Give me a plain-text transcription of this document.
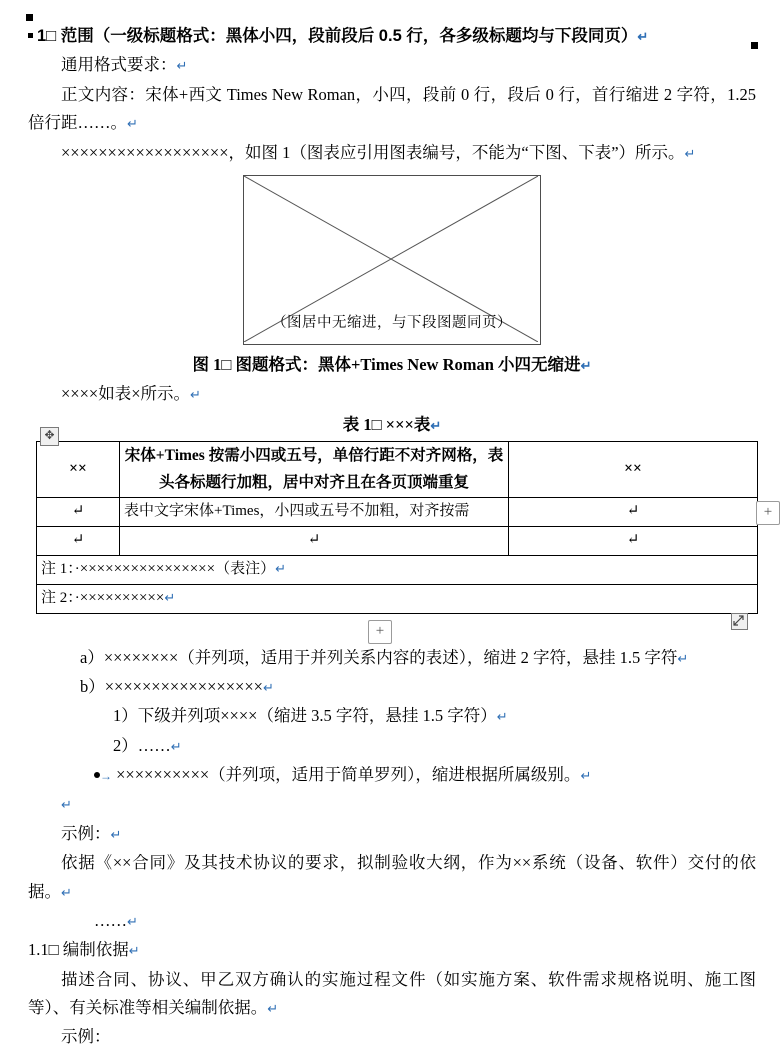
1□ 范围（一级标题格式：黑体小四，段前段后 0.5 行，各多级标题均与下段同页）↵

通用格式要求：↵

正文内容：宋体+西文 Times New Roman，小四，段前 0 行，段后 0 行，首行缩进 2 字符，1.25 倍行距……。↵

××××××××××××××××××，如图 1（图表应引用图表编号，不能为“下图、下表”）所示。↵

（图居中无缩进，与下段图题同页）

图 1□ 图题格式：黑体+Times New Roman 小四无缩进↵

××××如表×所示。↵

表 1□ ×××表↵

✥
××	宋体+Times 按需小四或五号，单倍行距不对齐网格，表头各标题行加粗，居中对齐且在各页顶端重复	××
↵	表中文字宋体+Times，小四或五号不加粗，对齐按需	↵
↵	↵	↵
注 1：·××××××××××××××××（表注）↵		
注 2：·××××××××××↵		
+
+

a）××××××××（并列项，适用于并列关系内容的表述），缩进 2 字符，悬挂 1.5 字符↵

b）×××××××××××××××××↵

1）下级并列项××××（缩进 3.5 字符，悬挂 1.5 字符）↵

2）……↵

→ ××××××××××（并列项，适用于简单罗列），缩进根据所属级别。↵

↵

示例：↵

依据《××合同》及其技术协议的要求，拟制验收大纲，作为××系统（设备、软件）交付的依据。↵

……↵

1.1□ 编制依据↵

描述合同、协议、甲乙双方确认的实施过程文件（如实施方案、软件需求规格说明、施工图等）、有关标准等相关编制依据。↵

示例：
